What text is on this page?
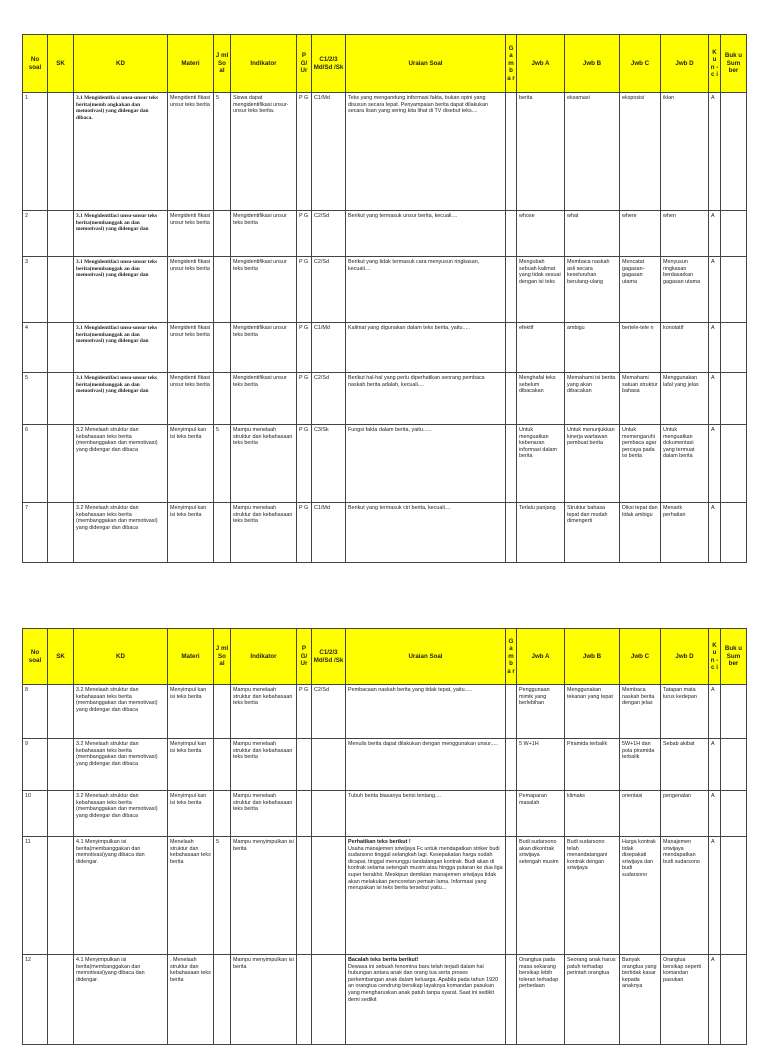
No soal	SK	KD	Materi	J ml So al	Indikator	P G/ Ur	C1/2/3 Md/Sd /Sk	Uraian Soal	G a m b a r	Jwb A	Jwb B	Jwb C	Jwb D	K u n - c i	Buk u Sum ber
1		3.1 Mengidentifa si unsu-unsur teks berita(memb angkakan dan memotivasi) yang didengar dan dibaca.	Mengidenti fikasi unsur teks berita	5	Siswa dapat mengidentifikasi unsur-unsur teks berita.	P G	C1/Md	Teks yang mengandung informasi fakta, bukan opini yang disusun secara tepat. Penyampaian berita dapat dilakukan secara lisan yang sering kita lihat di TV disebut teks....		berita	eksamasi	eksposisi	iklan	A	
2		3.1 Mengidentifaci unsu-unsur teks berita(membanggak an dan memotivasi) yang didengar dan	Mengidenti fikasi unsur teks berita		Mengidentifikasi unsur teks berita	P G	C2/Sd	Berikut yang termasuk unsur berita, kecuali....		whose	what	where	when	A	
3		3.1 Mengidentifaci unsu-unsur teks berita(membanggak an dan memotivasi) yang didengar dan	Mengidenti fikasi unsur teks berita		Mengidentifikasi unsur teks berita	P G	C2/Sd	Berikut yang tidak termasuk cara menyusun ringkasan, kecuali....		Mengubah sebuah kalimat yang tidak sesuai dengan isi teks	Membaca naskah asli secara keseluruhan berulang-ulang	Mencatat gagasan-gagasan utama	Menyusun ringkasan berdasarkan gagasan utama	A	
4		3.1 Mengidentifaci unsu-unsur teks berita(membanggak an dan memotivasi) yang didengar dan	Mengidenti fikasi unsur teks berita		Mengidentifikasi unsur teks berita	P G	C1/Md	Kalimat yang digunakan dalam teks berita, yaitu.....		efektif	ambigu	bertele-tele n	konotatif	A	
5		3.1 Mengidentifaci unsu-unsur teks berita(membanggak an dan memotivasi) yang didengar dan	Mengidenti fikasi unsur teks berita		Mengidentifikasi unsur teks berita	P G	C2/Sd	Berikut hal-hal yang perlu diperhatikan seorang pembaca naskah berita adalah, kecuali....		Menghafal teks sebelum dibacakan	Memahami isi berita yang akan dibacakan	Memahami satuan struktur bahasa	Menggunakan lafal yang jelas	A	
6		3.2 Menelaah struktur dan kebahasaan teks berita (membanggakan dan memotivasi) yang didengar dan dibaca	Menyimpul kan isi teks berita	5	Mampu menelaah struktur dan kebahasaan teks berita	P G	C3/Sk	Fungsi fakta dalam berita, yaitu......		Untuk menguatkan kebenaran informasi dalam berita	Untuk menunjukkan kinerja wartawan pembuat berita	Untuk memengaruhi pembaca agar percaya pada isi berita	Untuk menguatkan dokumentasi yang termuat dalam berita	A	
7		3.2 Menelaah struktur dan kebahasaan teks berita (membanggakan dan memotivasi) yang didengar dan dibaca	Menyimpul kan isi teks berita		Mampu menelaah struktur dan kebahasaan teks berita	P G	C1/Md	Berikut yang termasuk ciri berita, kecuali....		Terlalu panjang	Struktur bahasa tepat dan mudah dimengerti	Diksi tepat dan tidak ambigu	Menarik perhatian	A	
No soal	SK	KD	Materi	J ml So al	Indikator	P G/ Ur	C1/2/3 Md/Sd /Sk	Uraian Soal	G a m b a r	Jwb A	Jwb B	Jwb C	Jwb D	K u n - c i	Buk u Sum ber
8		3.2 Menelaah struktur dan kebahasaan teks berita (membanggakan dan memotivasi) yang didengar dan dibaca	Menyimpul kan isi teks berita		Mampu menelaah struktur dan kebahasaan teks berita	P G	C2/Sd	Pembacaan naskah berita yang tidak tepat, yaitu.....		Penggunaan mimik yang berlebihan	Menggunakan tekanan yang tepat	Membaca naskah berita dengan jelas	Tatapan mata lurus kedepan	A	
9		3.2 Menelaah struktur dan kebahasaan teks berita (membanggakan dan memotivasi) yang didengar dan dibaca	Menyimpul kan isi teks berita		Mampu menelaah struktur dan kebahasaan teks berita			Menulis berita dapat dilakukan dengan menggunakan unsur.....		5 W+1H	Piramida terbalik	5W+1H dan pola piramida terbalik	Sebab akibat	A	
10		3.2 Menelaah struktur dan kebahasaan teks berita (membanggakan dan memotivasi) yang didengar dan dibaca	Menyimpul kan isi teks berita		Mampu menelaah struktur dan kebahasaan teks berita			Tubuh berita biasanya berisi tentang....		Pemaparan masalah	klimaks	orientasi	pengenalan	A	
11		4.1 Menyimpulkan isi berita(membanggakan dan memotivasi)yang dibaca dan didengar.	Menelaah struktur dan kebahasaan teks berita	5	Mampu menyimpulkan isi berita			Perhatikan teks berikut !
Usaha manajemen sriwijaya Fc untuk mendapatkan striker budi sudarsono tinggal selangkah lagi. Kesepakatan harga sudah dicapai, tinggal menunggu tandatangan kontrak. Budi akan di kontrak selama setengah musim atau hingga putaran ke dua liga super berakhir. Meskipun demikian manajemen sriwijaya tidak akan melakukan pencoretan pemain lama. Informasi yang merupakan isi teks berita tersebut yaitu...		Budi sudarsono akan dikontrak sriwijaya setengah musim	Budi sudarsono telah menandatangani kontrak dengan sriwijaya	Harga kontrak tidak disepakati sriwijaya dan budi sudarsono	Manajemen sriwijaya mendapatkan budi sudarsono	A	
12		4.1 Menyimpulkan isi berita(membanggakan dan memotivasi)yang dibaca dan didengar.	. Menelaah struktur dan kebahasaan teks berita		Mampu menyimpulkan isi berita			Bacalah teks berita berikut!
Dewasa ini sebuah fenomina baru telah terjadi dalam hal hubungan antara anak dan orang tua serta proses perkembangan anak dalam keluarga. Apabila pada tahun 1920 an orangtua cendrung bersikap layaknya komandan pasukan yang mengharuskan anak patuh tanpa syarat. Saat ini sedikit demi sedikit		Orangtua pada masa sekarang bersikap lebih toleran terhadap perbedaan	Seorang anak harus patuh terhadap perintah orangtua	Banyak orangtua yang bertidak kasar kepada anaknya	Orangtua bersikap seperti komandan pasukan	A	
